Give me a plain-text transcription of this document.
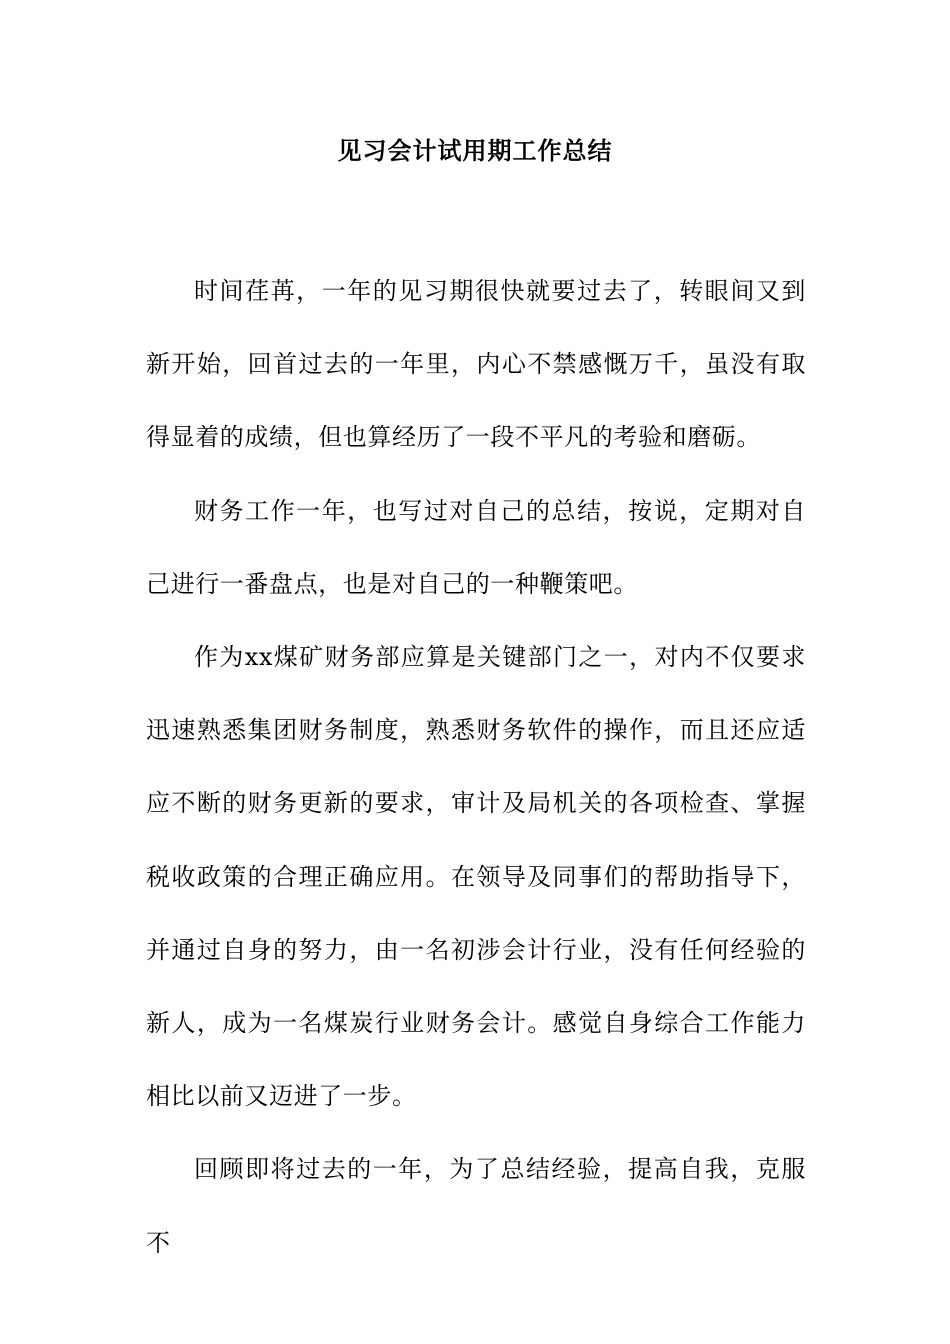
见习会计试用期工作总结

时间荏苒，一年的见习期很快就要过去了，转眼间又到新开始，回首过去的一年里，内心不禁感慨万千，虽没有取得显着的成绩，但也算经历了一段不平凡的考验和磨砺。

财务工作一年，也写过对自己的总结，按说，定期对自己进行一番盘点，也是对自己的一种鞭策吧。

作为xx煤矿财务部应算是关键部门之一，对内不仅要求迅速熟悉集团财务制度，熟悉财务软件的操作，而且还应适应不断的财务更新的要求，审计及局机关的各项检查、掌握税收政策的合理正确应用。在领导及同事们的帮助指导下，并通过自身的努力，由一名初涉会计行业，没有任何经验的新人，成为一名煤炭行业财务会计。感觉自身综合工作能力相比以前又迈进了一步。

回顾即将过去的一年，为了总结经验，提高自我，克服不
